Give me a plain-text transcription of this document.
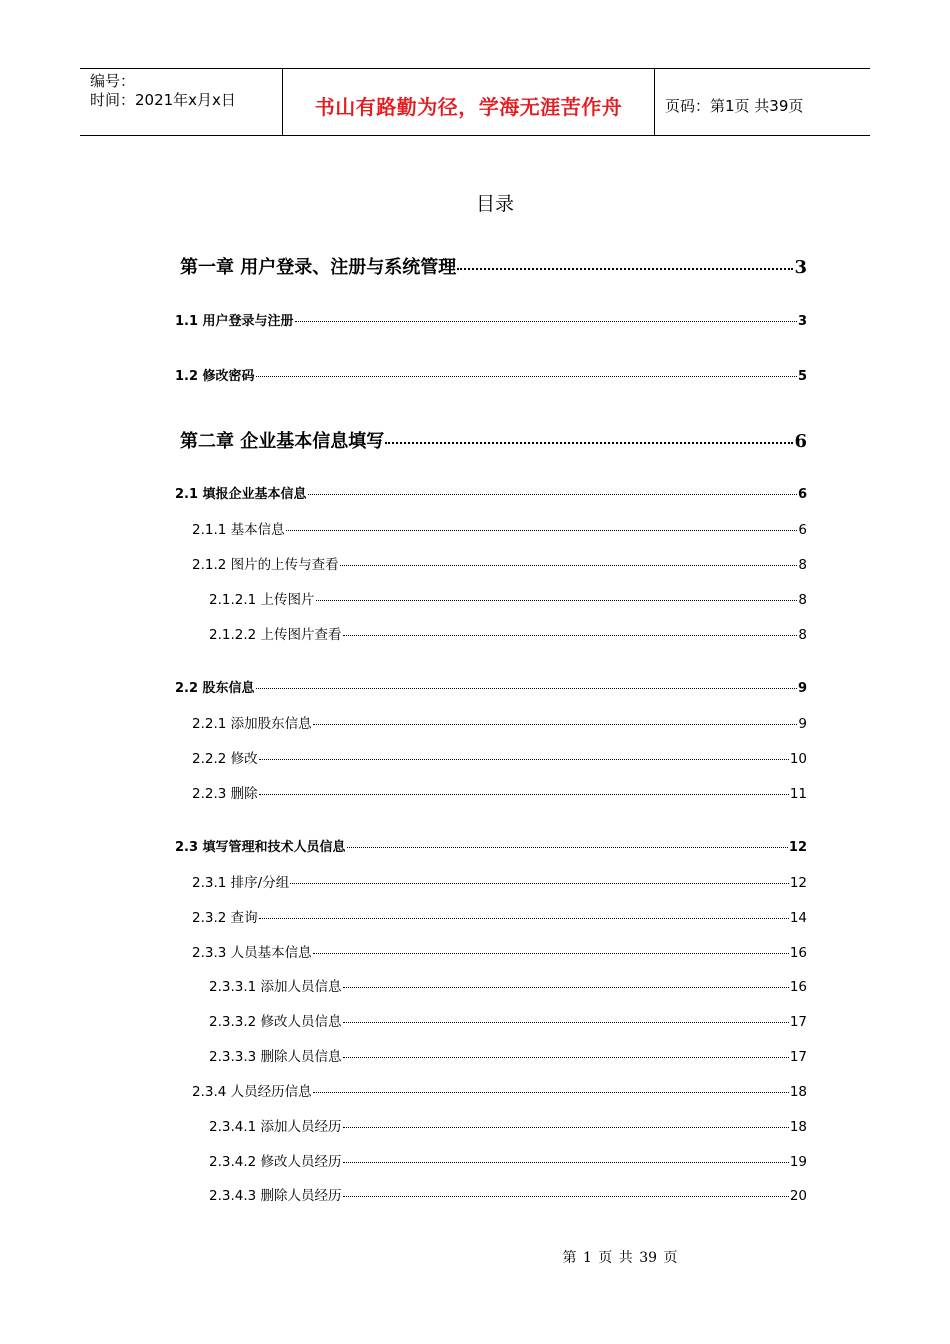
编号：
时间：2021年x月x日	书山有路勤为径，学海无涯苦作舟	页码：第1页 共39页
目录
第一章 用户登录、注册与系统管理	3
1.1 用户登录与注册	3
1.2 修改密码	5
第二章 企业基本信息填写	6
2.1 填报企业基本信息	6
2.1.1 基本信息	6
2.1.2 图片的上传与查看	8
2.1.2.1 上传图片	8
2.1.2.2 上传图片查看	8
2.2 股东信息	9
2.2.1 添加股东信息	9
2.2.2 修改	10
2.2.3 删除	11
2.3 填写管理和技术人员信息	12
2.3.1 排序/分组	12
2.3.2 查询	14
2.3.3 人员基本信息	16
2.3.3.1 添加人员信息	16
2.3.3.2 修改人员信息	17
2.3.3.3 删除人员信息	17
2.3.4 人员经历信息	18
2.3.4.1 添加人员经历	18
2.3.4.2 修改人员经历	19
2.3.4.3 删除人员经历	20
第 1 页 共 39 页
